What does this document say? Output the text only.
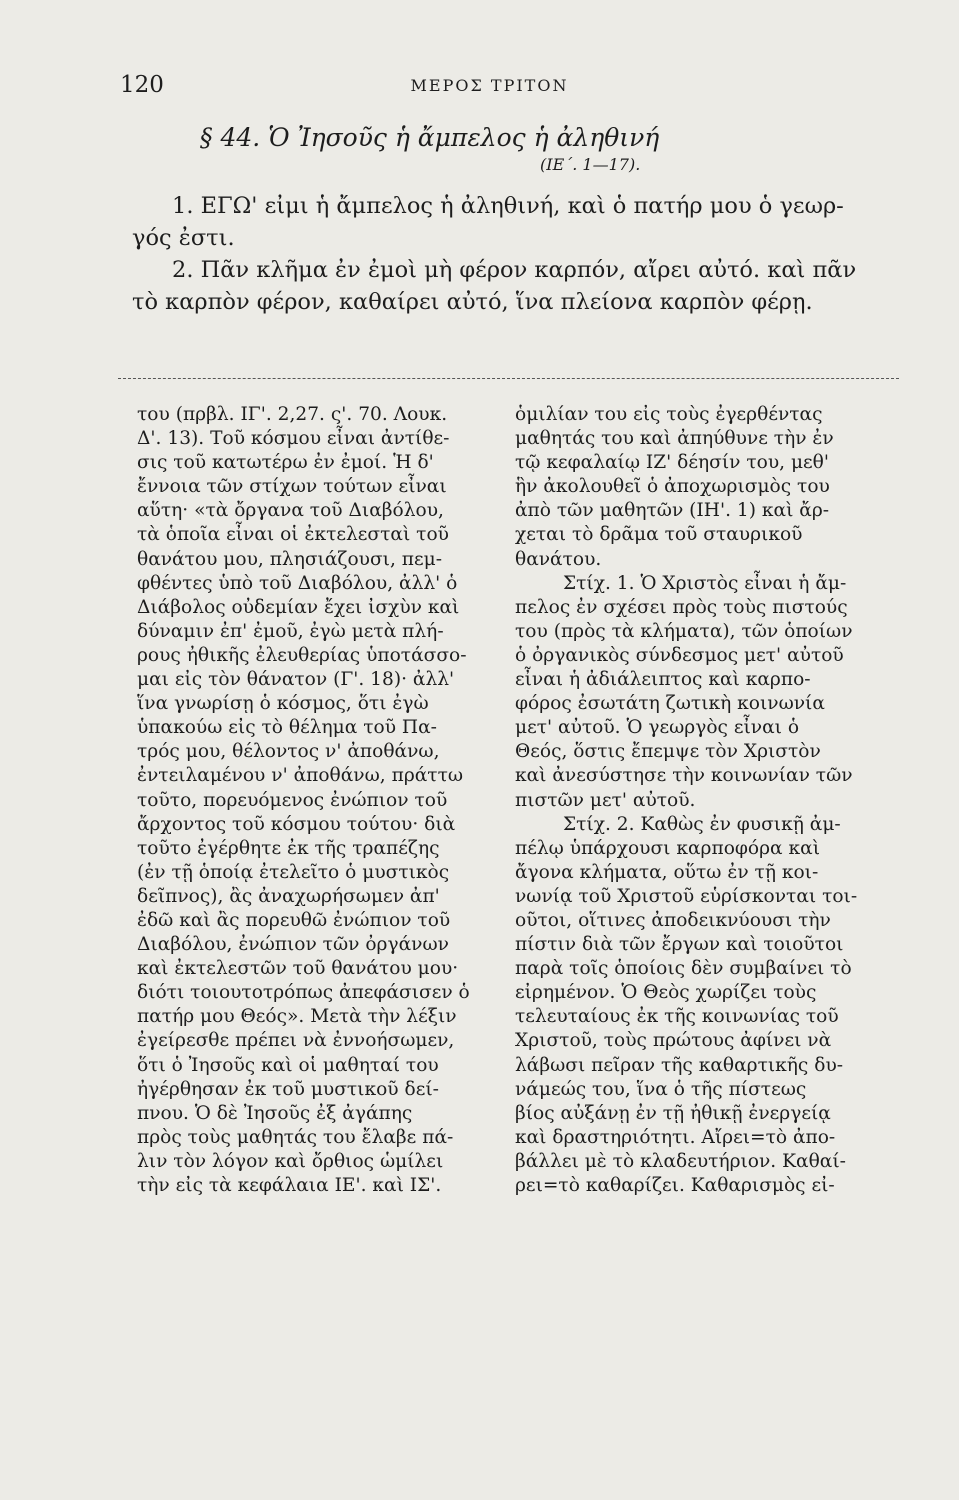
120	ΜΕΡΟΣ ΤΡΙΤΟΝ
§ 44. Ὁ Ἰησοῦς ἡ ἄμπελος ἡ ἀληθινή
(ΙΕ΄. 1—17).
1. ΕΓΩ' εἰμι ἡ ἄμπελος ἡ ἀληθινή, καὶ ὁ πατήρ μου ὁ γεωρ-
γός ἐστι.
2. Πᾶν κλῆμα ἐν ἐμοὶ μὴ φέρον καρπόν, αἴρει αὐτό. καὶ πᾶν
τὸ καρπὸν φέρον, καθαίρει αὐτό, ἵνα πλείονα καρπὸν φέρῃ.
του (πρβλ. ΙΓ'. 2,27. ς'. 70. Λουκ.
Δ'. 13). Τοῦ κόσμου εἶναι ἀντίθε-
σις τοῦ κατωτέρω ἐν ἐμοί. Ἡ δ'
ἔννοια τῶν στίχων τούτων εἶναι
αὕτη· «τὰ ὄργανα τοῦ Διαβόλου,
τὰ ὁποῖα εἶναι οἱ ἐκτελεσταὶ τοῦ
θανάτου μου, πλησιάζουσι, πεμ-
φθέντες ὑπὸ τοῦ Διαβόλου, ἀλλ' ὁ
Διάβολος οὐδεμίαν ἔχει ἰσχὺν καὶ
δύναμιν ἐπ' ἐμοῦ, ἐγὼ μετὰ πλή-
ρους ἠθικῆς ἐλευθερίας ὑποτάσσο-
μαι εἰς τὸν θάνατον (Γ'. 18)· ἀλλ'
ἵνα γνωρίσῃ ὁ κόσμος, ὅτι ἐγὼ
ὑπακούω εἰς τὸ θέλημα τοῦ Πα-
τρός μου, θέλοντος ν' ἀποθάνω,
ἐντειλαμένου ν' ἀποθάνω, πράττω
τοῦτο, πορευόμενος ἐνώπιον τοῦ
ἄρχοντος τοῦ κόσμου τούτου· διὰ
τοῦτο ἐγέρθητε ἐκ τῆς τραπέζης
(ἐν τῇ ὁποίᾳ ἐτελεῖτο ὁ μυστικὸς
δεῖπνος), ἂς ἀναχωρήσωμεν ἀπ'
ἐδῶ καὶ ἂς πορευθῶ ἐνώπιον τοῦ
Διαβόλου, ἐνώπιον τῶν ὀργάνων
καὶ ἐκτελεστῶν τοῦ θανάτου μου·
διότι τοιουτοτρόπως ἀπεφάσισεν ὁ
πατήρ μου Θεός». Μετὰ τὴν λέξιν
ἐγείρεσθε πρέπει νὰ ἐννοήσωμεν,
ὅτι ὁ Ἰησοῦς καὶ οἱ μαθηταί του
ἠγέρθησαν ἐκ τοῦ μυστικοῦ δεί-
πνου. Ὁ δὲ Ἰησοῦς ἐξ ἀγάπης
πρὸς τοὺς μαθητάς του ἔλαβε πά-
λιν τὸν λόγον καὶ ὄρθιος ὡμίλει
τὴν εἰς τὰ κεφάλαια ΙΕ'. καὶ ΙΣ'.
ὁμιλίαν του εἰς τοὺς ἐγερθέντας
μαθητάς του καὶ ἀπηύθυνε τὴν ἐν
τῷ κεφαλαίῳ ΙΖ' δέησίν του, μεθ'
ἣν ἀκολουθεῖ ὁ ἀποχωρισμὸς του
ἀπὸ τῶν μαθητῶν (ΙΗ'. 1) καὶ ἄρ-
χεται τὸ δρᾶμα τοῦ σταυρικοῦ
θανάτου.
Στίχ. 1. Ὁ Χριστὸς εἶναι ἡ ἄμ-
πελος ἐν σχέσει πρὸς τοὺς πιστούς
του (πρὸς τὰ κλήματα), τῶν ὁποίων
ὁ ὀργανικὸς σύνδεσμος μετ' αὐτοῦ
εἶναι ἡ ἀδιάλειπτος καὶ καρπο-
φόρος ἐσωτάτη ζωτικὴ κοινωνία
μετ' αὐτοῦ. Ὁ γεωργὸς εἶναι ὁ
Θεός, ὅστις ἔπεμψε τὸν Χριστὸν
καὶ ἀνεσύστησε τὴν κοινωνίαν τῶν
πιστῶν μετ' αὐτοῦ.
Στίχ. 2. Καθὼς ἐν φυσικῇ ἀμ-
πέλῳ ὑπάρχουσι καρποφόρα καὶ
ἄγονα κλήματα, οὕτω ἐν τῇ κοι-
νωνίᾳ τοῦ Χριστοῦ εὑρίσκονται τοι-
οῦτοι, οἵτινες ἀποδεικνύουσι τὴν
πίστιν διὰ τῶν ἔργων καὶ τοιοῦτοι
παρὰ τοῖς ὁποίοις δὲν συμβαίνει τὸ
εἰρημένον. Ὁ Θεὸς χωρίζει τοὺς
τελευταίους ἐκ τῆς κοινωνίας τοῦ
Χριστοῦ, τοὺς πρώτους ἀφίνει νὰ
λάβωσι πεῖραν τῆς καθαρτικῆς δυ-
νάμεώς του, ἵνα ὁ τῆς πίστεως
βίος αὐξάνῃ ἐν τῇ ἠθικῇ ἐνεργείᾳ
καὶ δραστηριότητι. Αἴρει=τὸ ἀπο-
βάλλει μὲ τὸ κλαδευτήριον. Καθαί-
ρει=τὸ καθαρίζει. Καθαρισμὸς εἰ-
